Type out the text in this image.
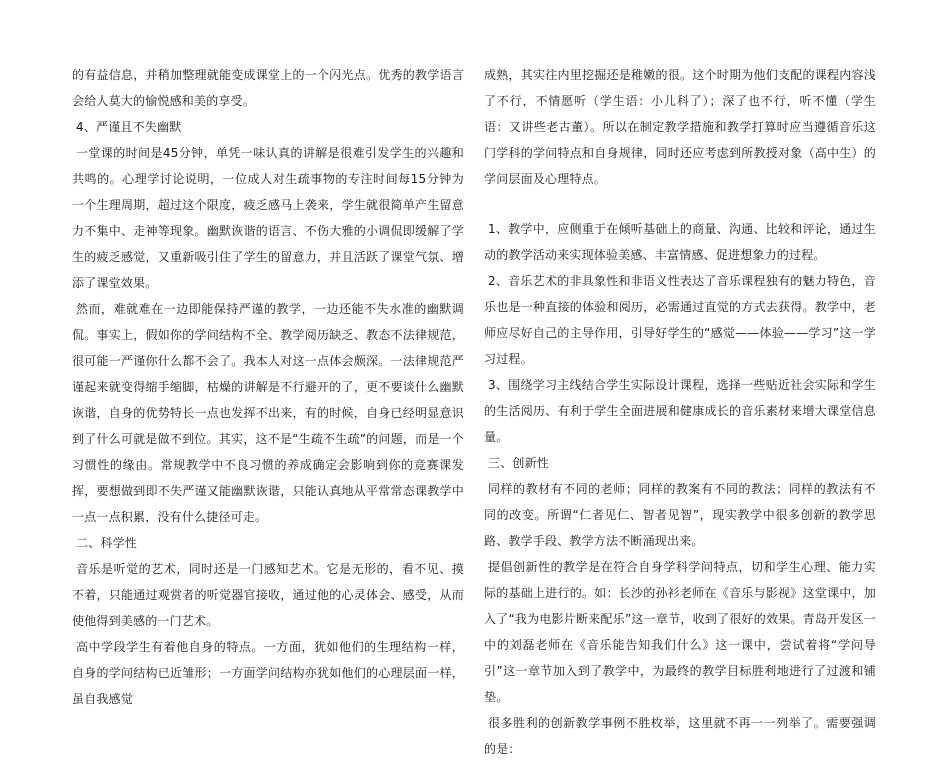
的有益信息，并稍加整理就能变成课堂上的一个闪光点。优秀的教学语言会给人莫大的愉悦感和美的享受。

4、严谨且不失幽默

一堂课的时间是45分钟，单凭一味认真的讲解是很难引发学生的兴趣和共鸣的。心理学讨论说明，一位成人对生疏事物的专注时间每15分钟为一个生理周期，超过这个限度，疲乏感马上袭来，学生就很简单产生留意力不集中、走神等现象。幽默诙谐的语言、不伤大雅的小调侃即缓解了学生的疲乏感觉，又重新吸引住了学生的留意力，并且活跃了课堂气氛、增添了课堂效果。

然而，难就难在一边即能保持严谨的教学，一边还能不失水准的幽默调侃。事实上，假如你的学问结构不全、教学阅历缺乏、教态不法律规范，很可能一严谨你什么都不会了。我本人对这一点体会颇深。一法律规范严谨起来就变得缩手缩脚，枯燥的讲解是不行避开的了，更不要谈什么幽默诙谐，自身的优势特长一点也发挥不出来，有的时候，自身已经明显意识到了什么可就是做不到位。其实，这不是“生疏不生疏”的问题，而是一个习惯性的缘由。常规教学中不良习惯的养成确定会影响到你的竞赛课发挥，要想做到即不失严谨又能幽默诙谐，只能认真地从平常常态课教学中一点一点积累，没有什么捷径可走。

二、科学性

音乐是听觉的艺术，同时还是一门感知艺术。它是无形的，看不见、摸不着，只能通过观赏者的听觉器官接收，通过他的心灵体会、感受，从而使他得到美感的一门艺术。

高中学段学生有着他自身的特点。一方面，犹如他们的生理结构一样，自身的学问结构已近雏形；一方面学问结构亦犹如他们的心理层面一样，虽自我感觉

成熟，其实往内里挖掘还是稚嫩的很。这个时期为他们支配的课程内容浅了不行，不情愿听（学生语：小儿科了）；深了也不行，听不懂（学生语：又讲些老古董）。所以在制定教学措施和教学打算时应当遵循音乐这门学科的学问特点和自身规律，同时还应考虑到所教授对象（高中生）的学问层面及心理特点。

1、教学中，应侧重于在倾听基础上的商量、沟通、比较和评论，通过生动的教学活动来实现体验美感、丰富情感、促进想象力的过程。

2、音乐艺术的非具象性和非语义性表达了音乐课程独有的魅力特色，音乐也是一种直接的体验和阅历，必需通过直觉的方式去获得。教学中，老师应尽好自己的主导作用，引导好学生的“感觉——体验——学习”这一学习过程。

3、围绕学习主线结合学生实际设计课程，选择一些贴近社会实际和学生的生活阅历、有利于学生全面进展和健康成长的音乐素材来增大课堂信息量。

三、创新性

同样的教材有不同的老师；同样的教案有不同的教法；同样的教法有不同的改变。所谓“仁者见仁、智者见智”，现实教学中很多创新的教学思路、教学手段、教学方法不断涌现出来。

提倡创新性的教学是在符合自身学科学问特点，切和学生心理、能力实际的基础上进行的。如：长沙的孙衫老师在《音乐与影视》这堂课中，加入了“我为电影片断来配乐”这一章节，收到了很好的效果。青岛开发区一中的刘磊老师在《音乐能告知我们什么》这一课中，尝试着将“学问导引”这一章节加入到了教学中，为最终的教学目标胜利地进行了过渡和铺垫。

很多胜利的创新教学事例不胜枚举，这里就不再一一列举了。需要强调的是：
